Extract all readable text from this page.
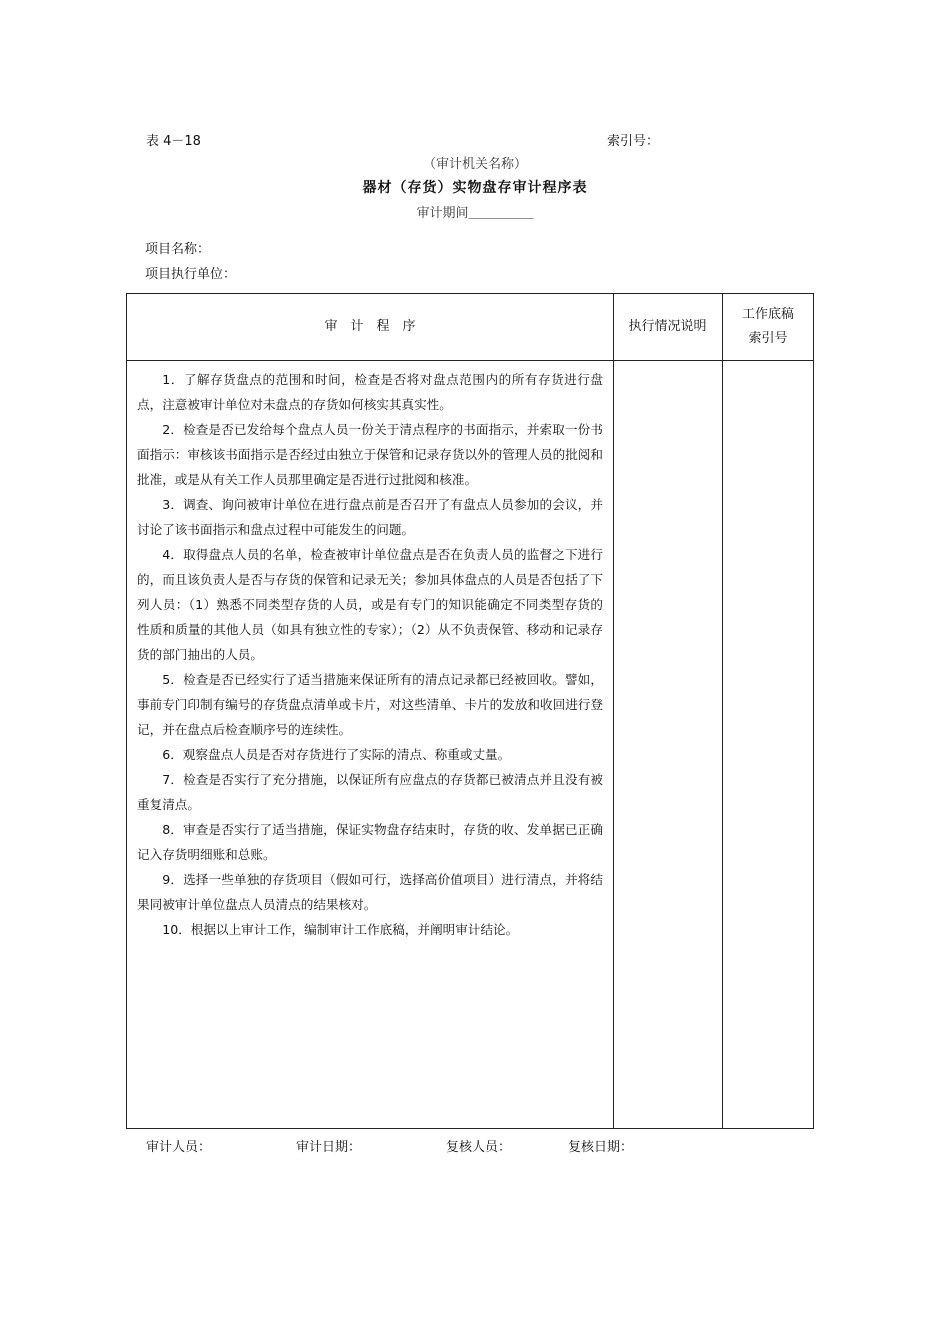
表 4－18	索引号：
（审计机关名称）
器材（存货）实物盘存审计程序表
审计期间＿＿＿＿＿
项目名称：
项目执行单位：
审　计　程　序	执行情况说明
工作底稿
索引号
1．了解存货盘点的范围和时间，检查是否将对盘点范围内的所有存货进行盘点，注意被审计单位对未盘点的存货如何核实其真实性。
2．检查是否已发给每个盘点人员一份关于清点程序的书面指示，并索取一份书面指示：审核该书面指示是否经过由独立于保管和记录存货以外的管理人员的批阅和批准，或是从有关工作人员那里确定是否进行过批阅和核准。
3．调查、询问被审计单位在进行盘点前是否召开了有盘点人员参加的会议，并讨论了该书面指示和盘点过程中可能发生的问题。
4．取得盘点人员的名单，检查被审计单位盘点是否在负责人员的监督之下进行的，而且该负责人是否与存货的保管和记录无关；参加具体盘点的人员是否包括了下列人员：（1）熟悉不同类型存货的人员，或是有专门的知识能确定不同类型存货的性质和质量的其他人员（如具有独立性的专家）；（2）从不负责保管、移动和记录存货的部门抽出的人员。
5．检查是否已经实行了适当措施来保证所有的清点记录都已经被回收。譬如，事前专门印制有编号的存货盘点清单或卡片，对这些清单、卡片的发放和收回进行登记，并在盘点后检查顺序号的连续性。
6．观察盘点人员是否对存货进行了实际的清点、称重或丈量。
7．检查是否实行了充分措施，以保证所有应盘点的存货都已被清点并且没有被重复清点。
8．审查是否实行了适当措施，保证实物盘存结束时，存货的收、发单据已正确记入存货明细账和总账。
9．选择一些单独的存货项目（假如可行，选择高价值项目）进行清点，并将结果同被审计单位盘点人员清点的结果核对。
10．根据以上审计工作，编制审计工作底稿，并阐明审计结论。
审计人员：	审计日期：	复核人员：	复核日期：
